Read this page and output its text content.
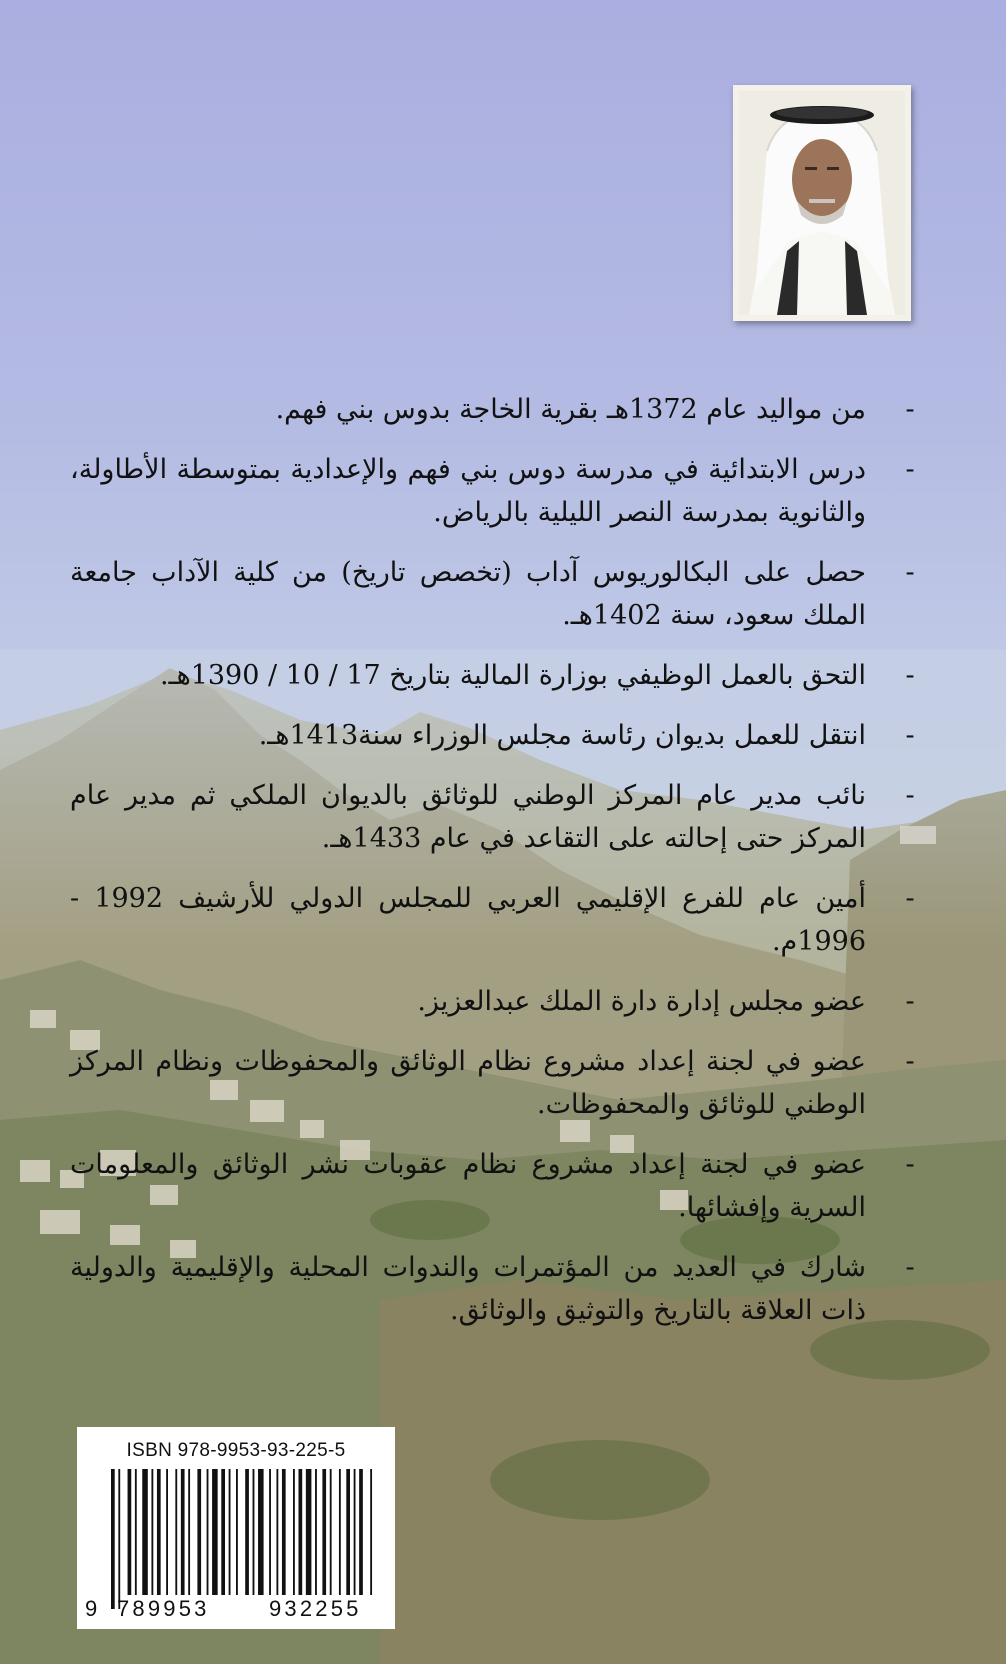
-
من مواليد عام 1372هـ بقرية الخاجة بدوس بني فهم.
-
درس الابتدائية في مدرسة دوس بني فهم والإعدادية بمتوسطة الأطاولة، والثانوية بمدرسة النصر الليلية بالرياض.
-
حصل على البكالوريوس آداب (تخصص تاريخ) من كلية الآداب جامعة الملك سعود، سنة 1402هـ.
-
التحق بالعمل الوظيفي بوزارة المالية بتاريخ 17 / 10 / 1390هـ.
-
انتقل للعمل بديوان رئاسة مجلس الوزراء سنة1413هـ.
-
نائب مدير عام المركز الوطني للوثائق بالديوان الملكي ثم مدير عام المركز حتى إحالته على التقاعد في عام 1433هـ.
-
أمين عام للفرع الإقليمي العربي للمجلس الدولي للأرشيف 1992 - 1996م.
-
عضو مجلس إدارة دارة الملك عبدالعزيز.
-
عضو في لجنة إعداد مشروع نظام الوثائق والمحفوظات ونظام المركز الوطني للوثائق والمحفوظات.
-
عضو في لجنة إعداد مشروع نظام عقوبات نشر الوثائق والمعلومات السرية وإفشائها.
-
شارك في العديد من المؤتمرات والندوات المحلية والإقليمية والدولية ذات العلاقة بالتاريخ والتوثيق والوثائق.
ISBN 978-9953-93-225-5
9 789953	932255
